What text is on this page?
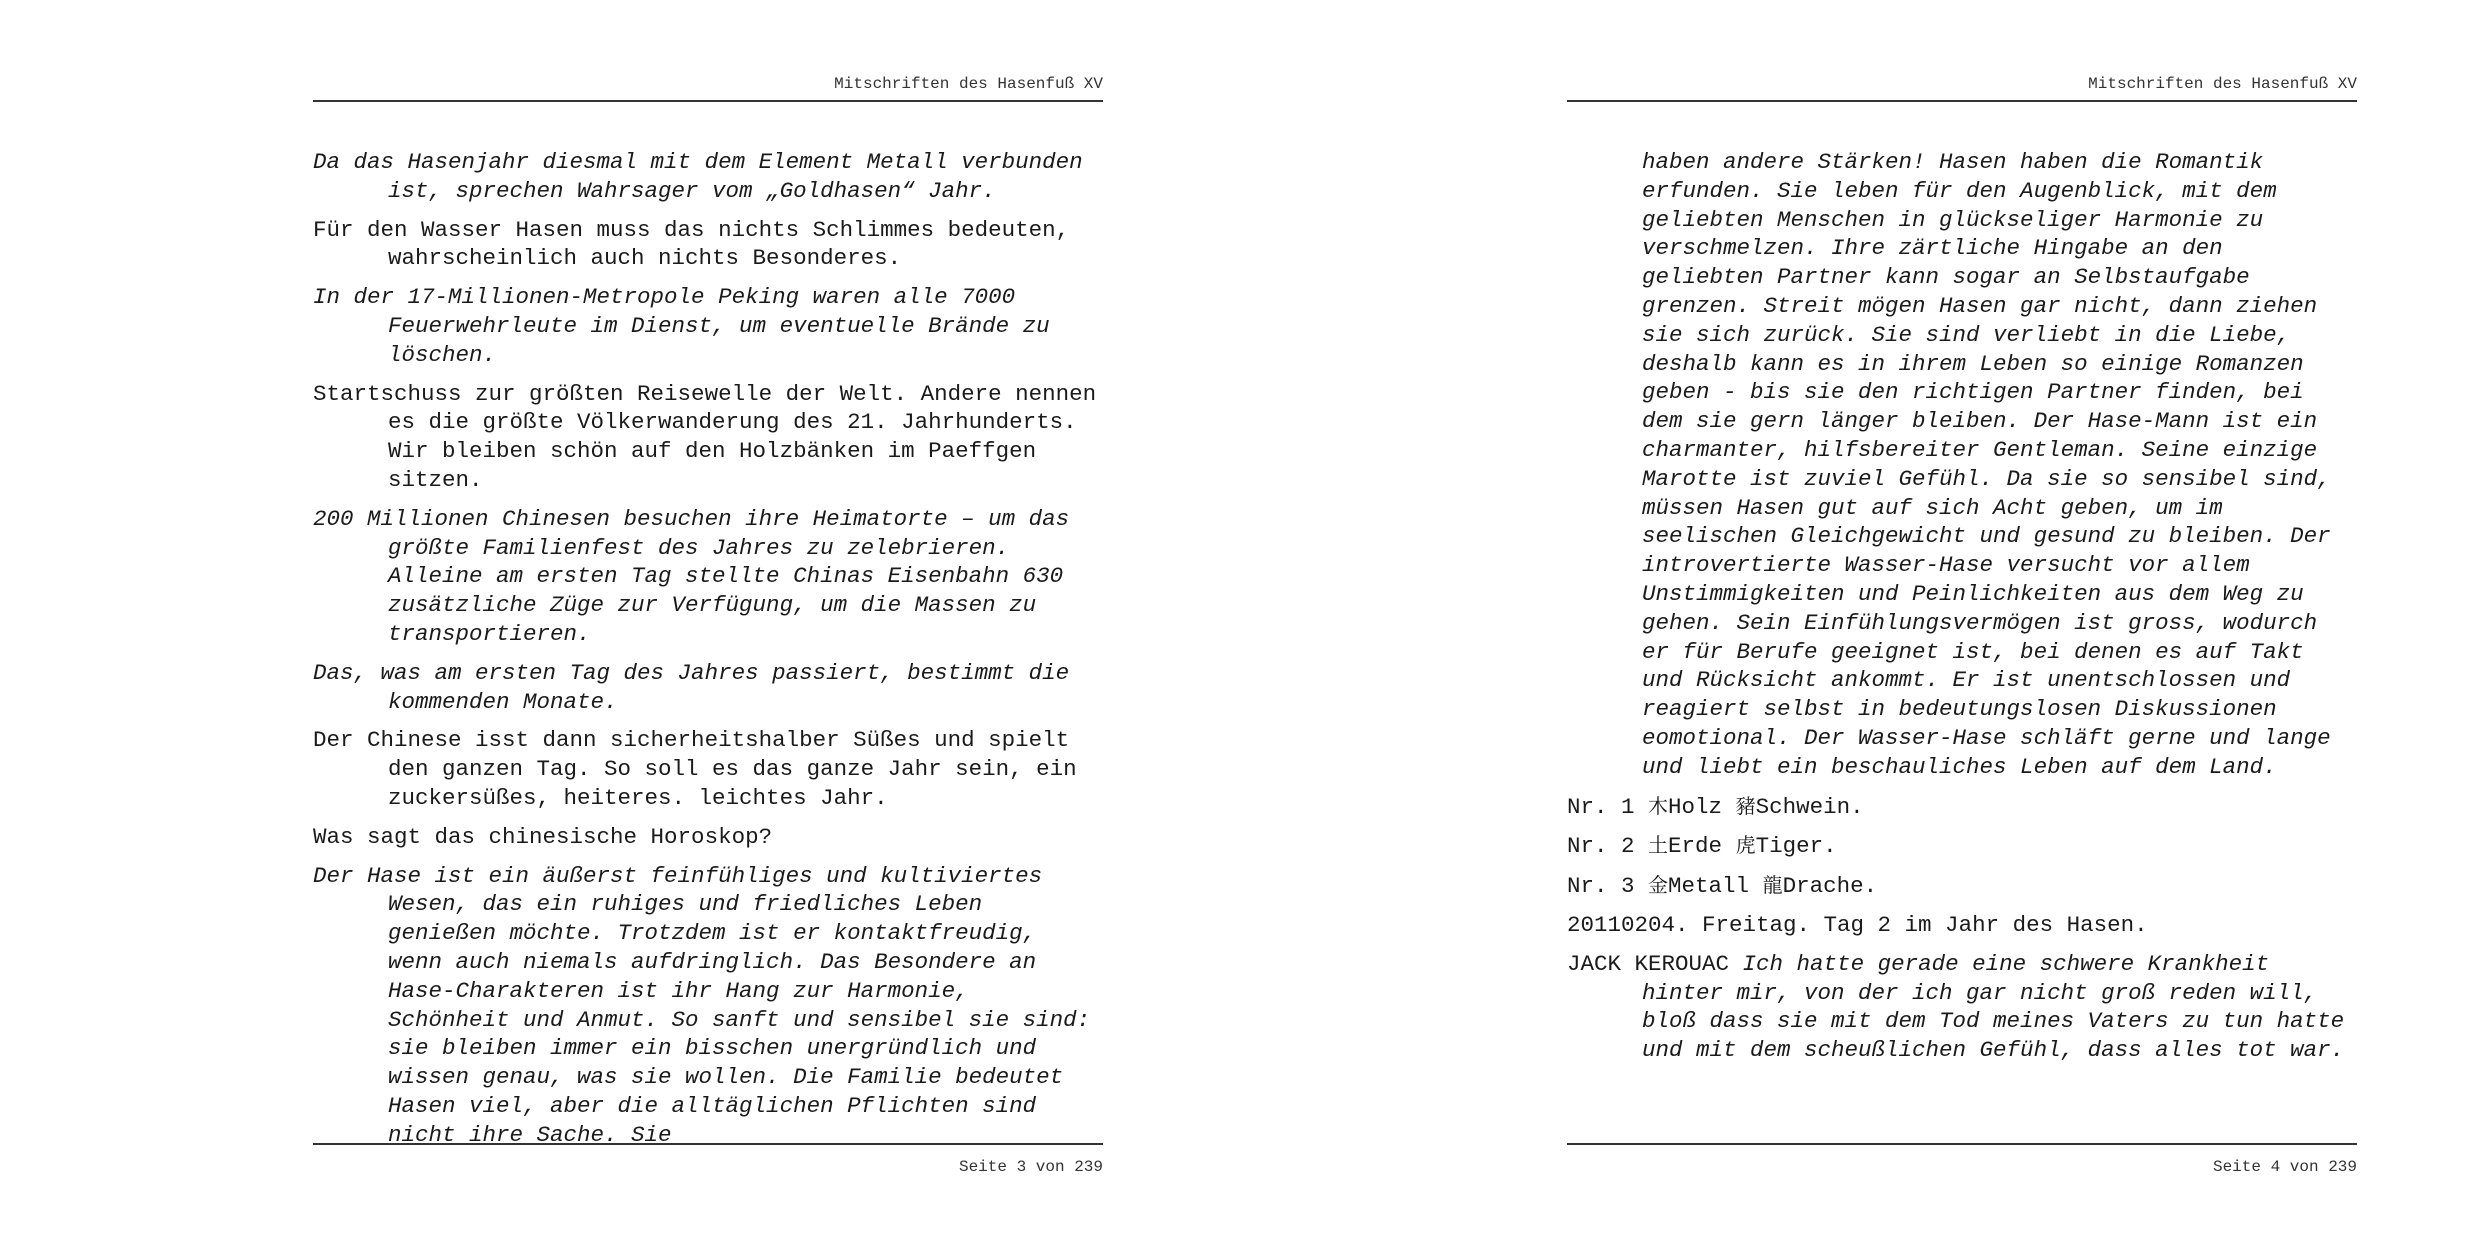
Mitschriften des Hasenfuß XV

Da das Hasenjahr diesmal mit dem Element Metall verbunden ist, sprechen Wahrsager vom „Goldhasen“ Jahr.

Für den Wasser Hasen muss das nichts Schlimmes bedeuten, wahrscheinlich auch nichts Besonderes.

In der 17-Millionen-Metropole Peking waren alle 7000 Feuerwehrleute im Dienst, um eventuelle Brände zu löschen.

Startschuss zur größten Reisewelle der Welt. Andere nennen es die größte Völkerwanderung des 21. Jahrhunderts. Wir bleiben schön auf den Holzbänken im Paeffgen sitzen.

200 Millionen Chinesen besuchen ihre Heimatorte – um das größte Familienfest des Jahres zu zelebrieren. Alleine am ersten Tag stellte Chinas Eisenbahn 630 zusätzliche Züge zur Verfügung, um die Massen zu transportieren.

Das, was am ersten Tag des Jahres passiert, bestimmt die kommenden Monate.

Der Chinese isst dann sicherheitshalber Süßes und spielt den ganzen Tag. So soll es das ganze Jahr sein, ein zuckersüßes, heiteres. leichtes Jahr.

Was sagt das chinesische Horoskop?

Der Hase ist ein äußerst feinfühliges und kultiviertes Wesen, das ein ruhiges und friedliches Leben genießen möchte. Trotzdem ist er kontaktfreudig, wenn auch niemals aufdringlich. Das Besondere an Hase-Charakteren ist ihr Hang zur Harmonie, Schönheit und Anmut. So sanft und sensibel sie sind: sie bleiben immer ein bisschen unergründlich und wissen genau, was sie wollen. Die Familie bedeutet Hasen viel, aber die alltäglichen Pflichten sind nicht ihre Sache. Sie

Seite 3 von 239
Mitschriften des Hasenfuß XV

haben andere Stärken! Hasen haben die Romantik erfunden. Sie leben für den Augenblick, mit dem geliebten Menschen in glückseliger Harmonie zu verschmelzen. Ihre zärtliche Hingabe an den geliebten Partner kann sogar an Selbstaufgabe grenzen. Streit mögen Hasen gar nicht, dann ziehen sie sich zurück. Sie sind verliebt in die Liebe, deshalb kann es in ihrem Leben so einige Romanzen geben - bis sie den richtigen Partner finden, bei dem sie gern länger bleiben. Der Hase-Mann ist ein charmanter, hilfsbereiter Gentleman. Seine einzige Marotte ist zuviel Gefühl. Da sie so sensibel sind, müssen Hasen gut auf sich Acht geben, um im seelischen Gleichgewicht und gesund zu bleiben. Der introvertierte Wasser-Hase versucht vor allem Unstimmigkeiten und Peinlichkeiten aus dem Weg zu gehen. Sein Einfühlungsvermögen ist gross, wodurch er für Berufe geeignet ist, bei denen es auf Takt und Rücksicht ankommt. Er ist unentschlossen und reagiert selbst in bedeutungslosen Diskussionen eomotional. Der Wasser-Hase schläft gerne und lange und liebt ein beschauliches Leben auf dem Land.

Nr. 1 木Holz 豬Schwein.

Nr. 2 土Erde 虎Tiger.

Nr. 3 金Metall 龍Drache.

20110204. Freitag. Tag 2 im Jahr des Hasen.

JACK KEROUAC Ich hatte gerade eine schwere Krankheit hinter mir, von der ich gar nicht groß reden will, bloß dass sie mit dem Tod meines Vaters zu tun hatte und mit dem scheußlichen Gefühl, dass alles tot war.

Seite 4 von 239
